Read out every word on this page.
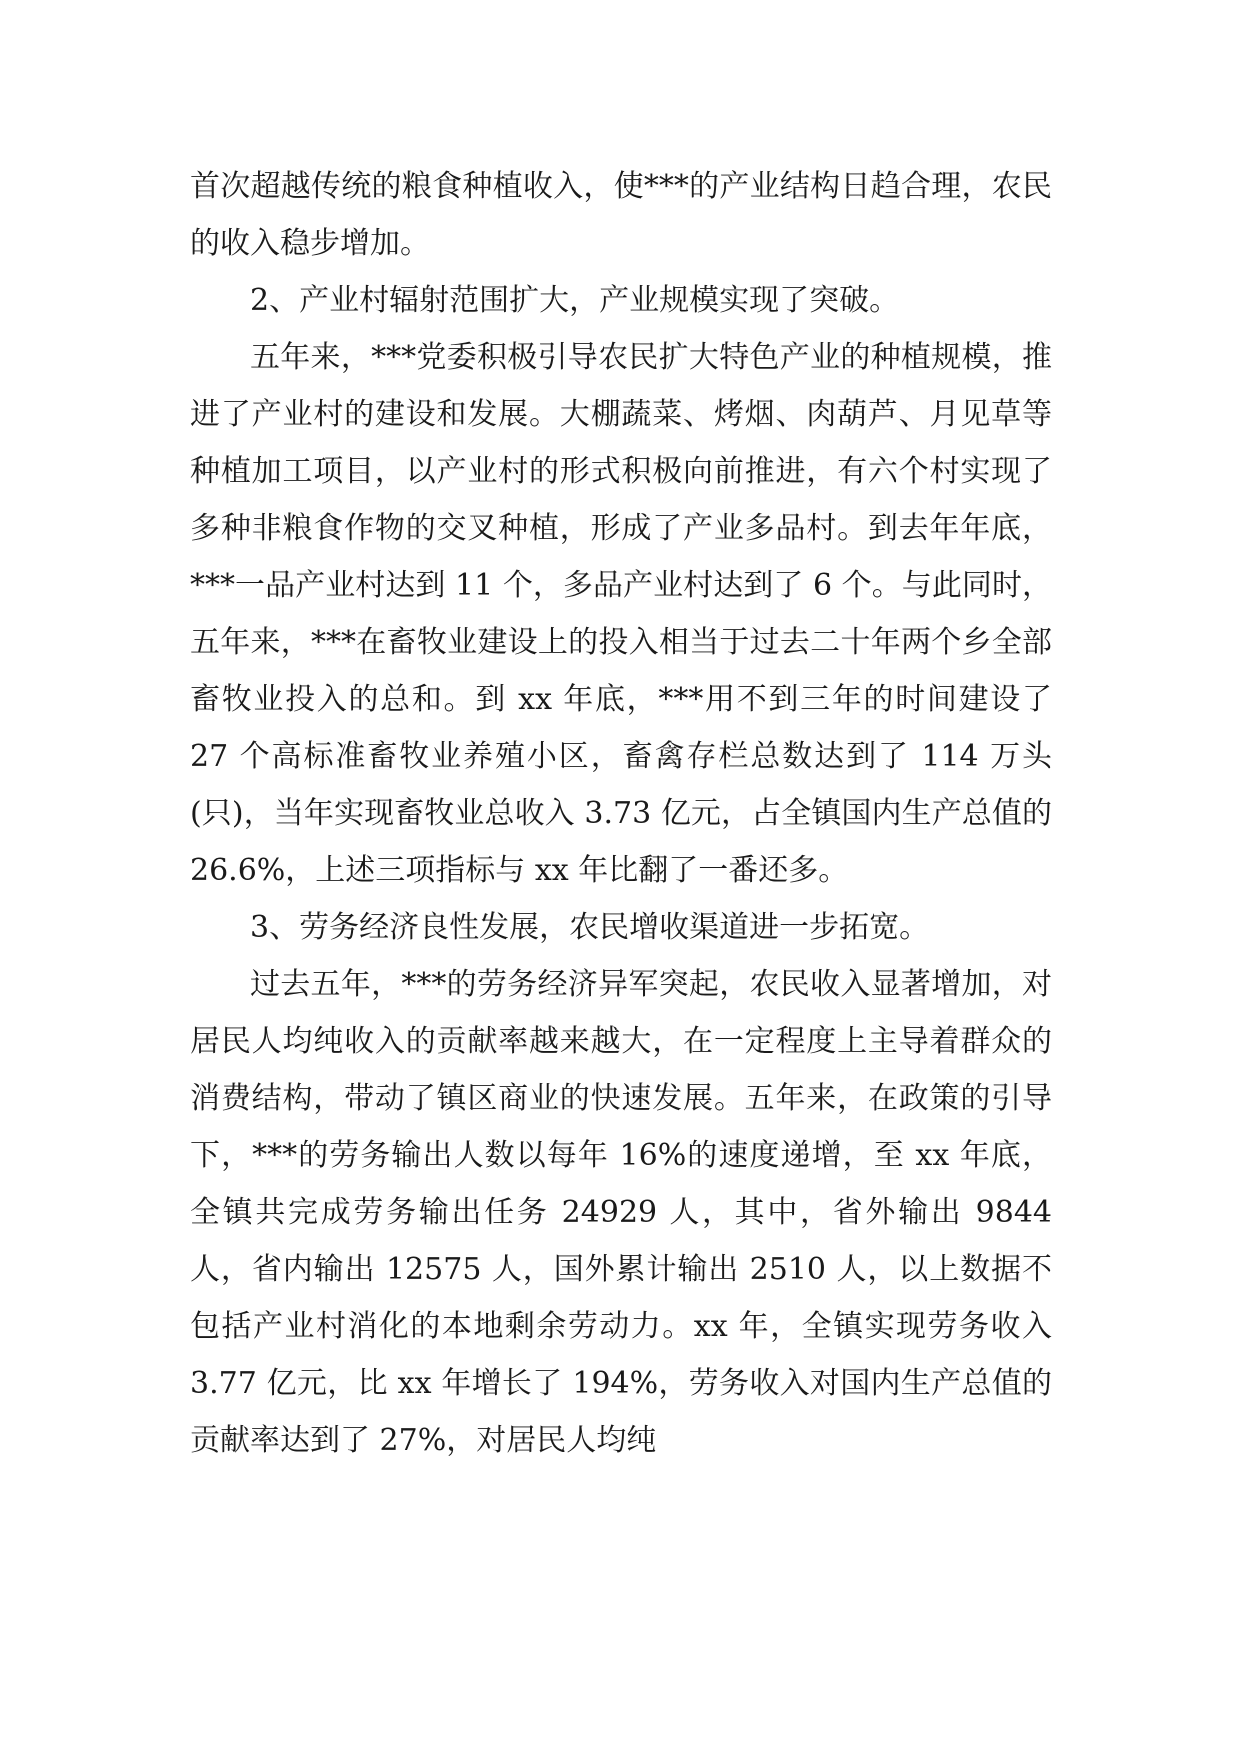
首次超越传统的粮食种植收入，使***的产业结构日趋合理，农民的收入稳步增加。

2、产业村辐射范围扩大，产业规模实现了突破。

五年来，***党委积极引导农民扩大特色产业的种植规模，推进了产业村的建设和发展。大棚蔬菜、烤烟、肉葫芦、月见草等种植加工项目，以产业村的形式积极向前推进，有六个村实现了多种非粮食作物的交叉种植，形成了产业多品村。到去年年底，***一品产业村达到 11 个，多品产业村达到了 6 个。与此同时，五年来，***在畜牧业建设上的投入相当于过去二十年两个乡全部畜牧业投入的总和。到 xx 年底，***用不到三年的时间建设了 27 个高标准畜牧业养殖小区，畜禽存栏总数达到了 114 万头(只)，当年实现畜牧业总收入 3.73 亿元，占全镇国内生产总值的 26.6%，上述三项指标与 xx 年比翻了一番还多。

3、劳务经济良性发展，农民增收渠道进一步拓宽。

过去五年，***的劳务经济异军突起，农民收入显著增加，对居民人均纯收入的贡献率越来越大，在一定程度上主导着群众的消费结构，带动了镇区商业的快速发展。五年来，在政策的引导下，***的劳务输出人数以每年 16%的速度递增，至 xx 年底，全镇共完成劳务输出任务 24929 人，其中，省外输出 9844 人，省内输出 12575 人，国外累计输出 2510 人，以上数据不包括产业村消化的本地剩余劳动力。xx 年，全镇实现劳务收入 3.77 亿元，比 xx 年增长了 194%，劳务收入对国内生产总值的贡献率达到了 27%，对居民人均纯
